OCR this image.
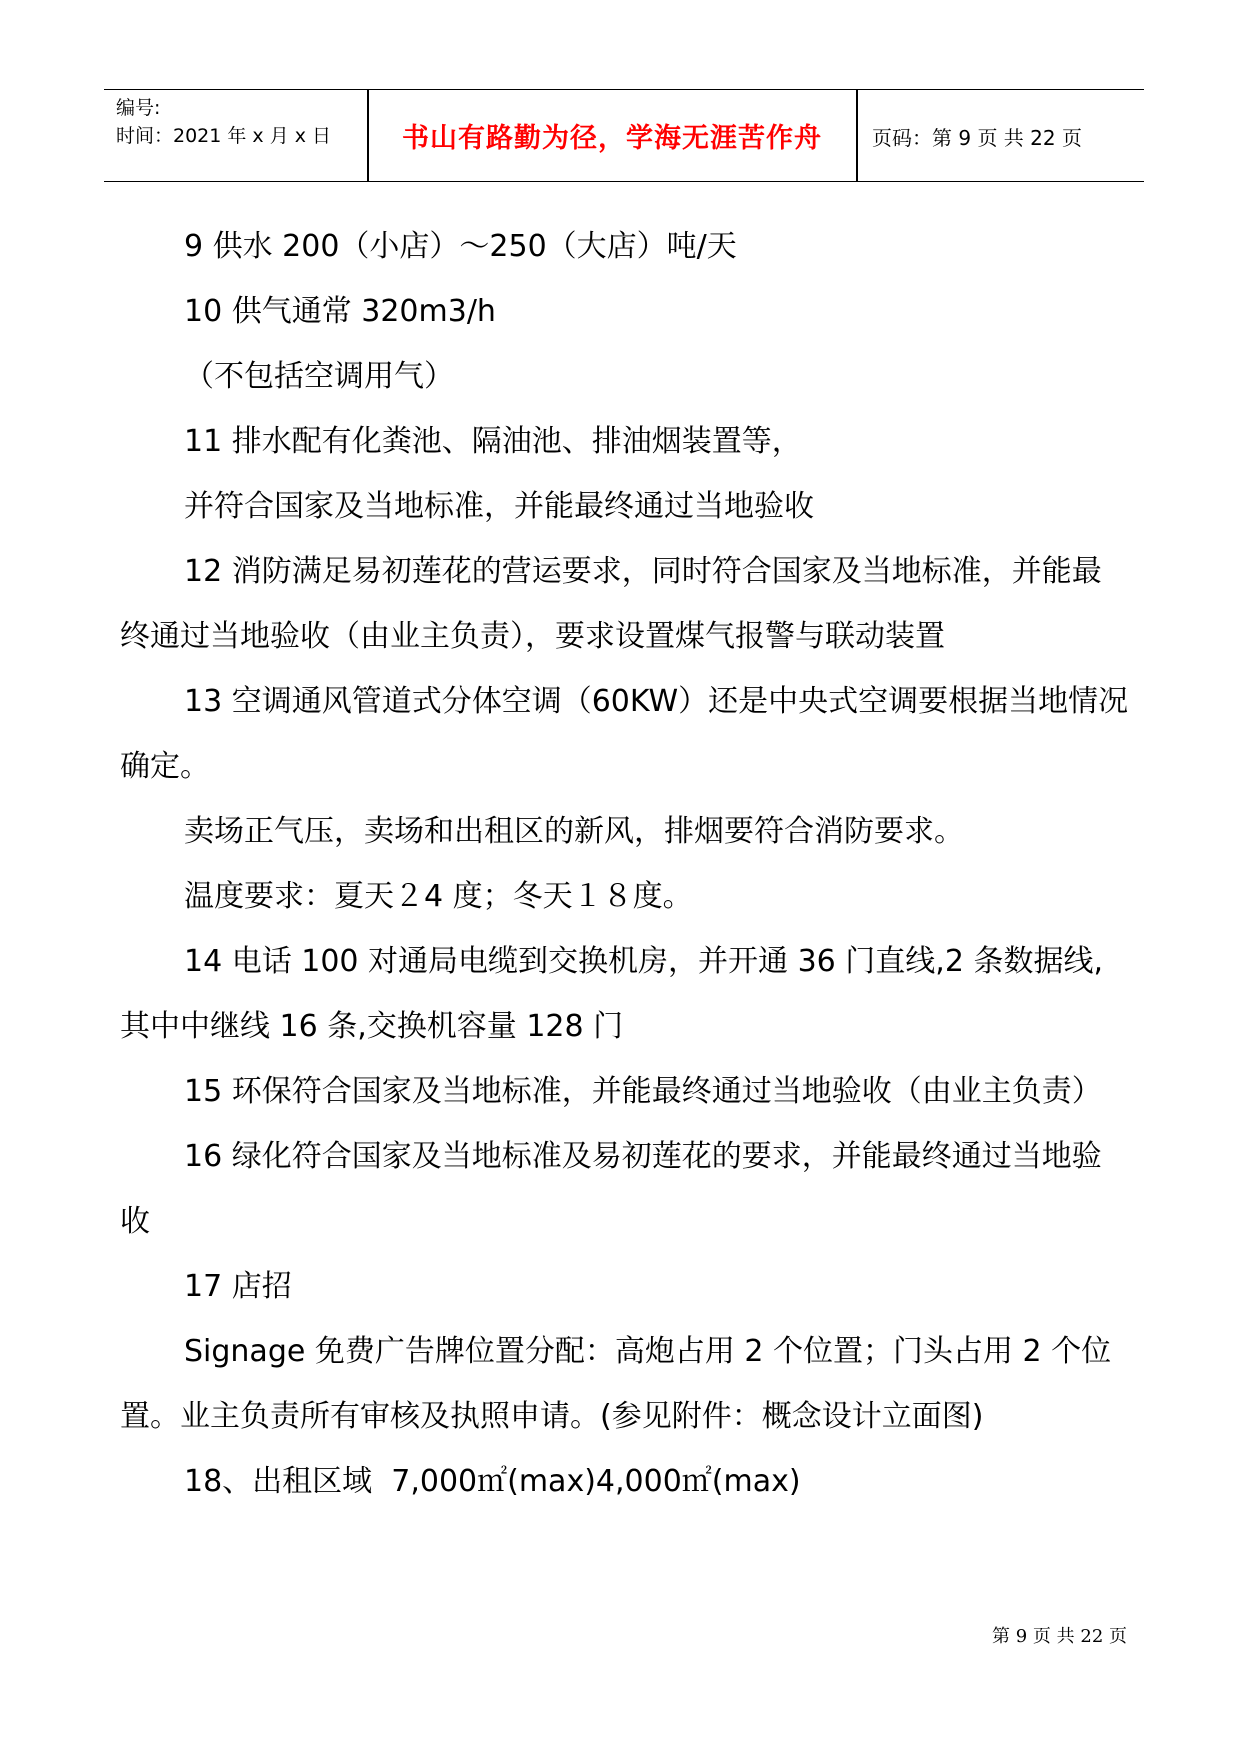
编号:
时间：2021 年 x 月 x 日	书山有路勤为径，学海无涯苦作舟	页码：第 9 页 共 22 页

9 供水 200（小店）～250（大店）吨/天

10 供气通常 320m3/h

（不包括空调用气）

11 排水配有化粪池、隔油池、排油烟装置等，

并符合国家及当地标准，并能最终通过当地验收

12 消防满足易初莲花的营运要求，同时符合国家及当地标准，并能最终通过当地验收（由业主负责），要求设置煤气报警与联动装置

13 空调通风管道式分体空调（60KW）还是中央式空调要根据当地情况确定。

卖场正气压，卖场和出租区的新风，排烟要符合消防要求。

温度要求：夏天２4 度；冬天１８度。

14 电话 100 对通局电缆到交换机房，并开通 36 门直线,2 条数据线,其中中继线 16 条,交换机容量 128 门

15 环保符合国家及当地标准，并能最终通过当地验收（由业主负责）

16 绿化符合国家及当地标准及易初莲花的要求，并能最终通过当地验收

17 店招

Signage 免费广告牌位置分配：高炮占用 2 个位置；门头占用 2 个位置。业主负责所有审核及执照申请。(参见附件：概念设计立面图)

18、出租区域  7,000㎡(max)4,000㎡(max)

第 9 页 共 22 页
